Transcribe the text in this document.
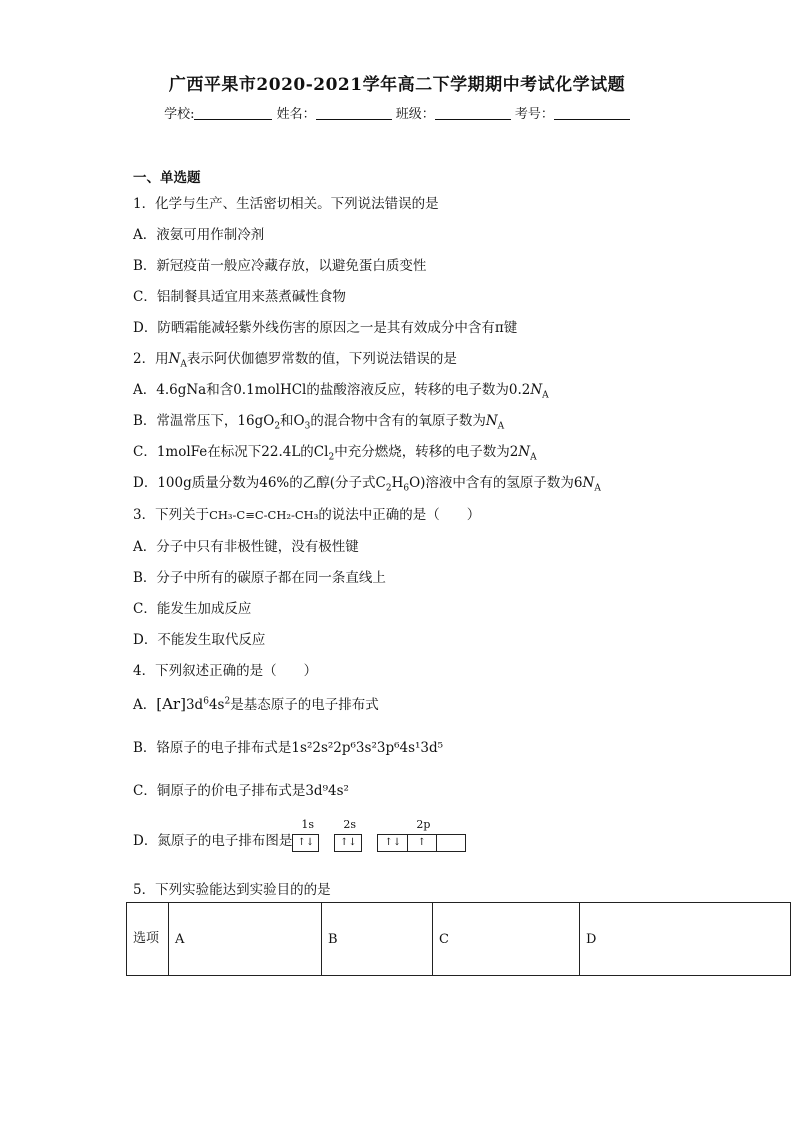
广西平果市2020-2021学年高二下学期期中考试化学试题
学校:	姓名：	班级：	考号：
一、单选题
1．化学与生产、生活密切相关。下列说法错误的是
A．液氨可用作制冷剂
B．新冠疫苗一般应冷藏存放，以避免蛋白质变性
C．铝制餐具适宜用来蒸煮碱性食物
D．防晒霜能减轻紫外线伤害的原因之一是其有效成分中含有π键
2．用$N_A$表示阿伏伽德罗常数的值，下列说法错误的是
A．4.6gNa和含0.1molHCl的盐酸溶液反应，转移的电子数为$0.2N_A$
B．常温常压下，$16gO_2$和$O_3$的混合物中含有的氧原子数为$N_A$
C．1molFe在标况下22.4L的$Cl_2$中充分燃烧，转移的电子数为$2N_A$
D．100g质量分数为46%的乙醇(分子式$C_2H_6O$)溶液中含有的氢原子数为$6N_A$
3．下列关于CH₃-C≡C-CH₂-CH₃的说法中正确的是（　　）
A．分子中只有非极性键，没有极性键
B．分子中所有的碳原子都在同一条直线上
C．能发生加成反应
D．不能发生取代反应
4．下列叙述正确的是（　　）
A．$[Ar]3d^64s^2$是基态原子的电子排布式
B．铬原子的电子排布式是1s²2s²2p⁶3s²3p⁶4s¹3d⁵
C．铜原子的价电子排布式是3d⁹4s²
D．氮原子的电子排布图是
1s
↑↓
2s
↑↓
2p
↑↓	↑
5．下列实验能达到实验目的的是
选项	A	B	C	D
